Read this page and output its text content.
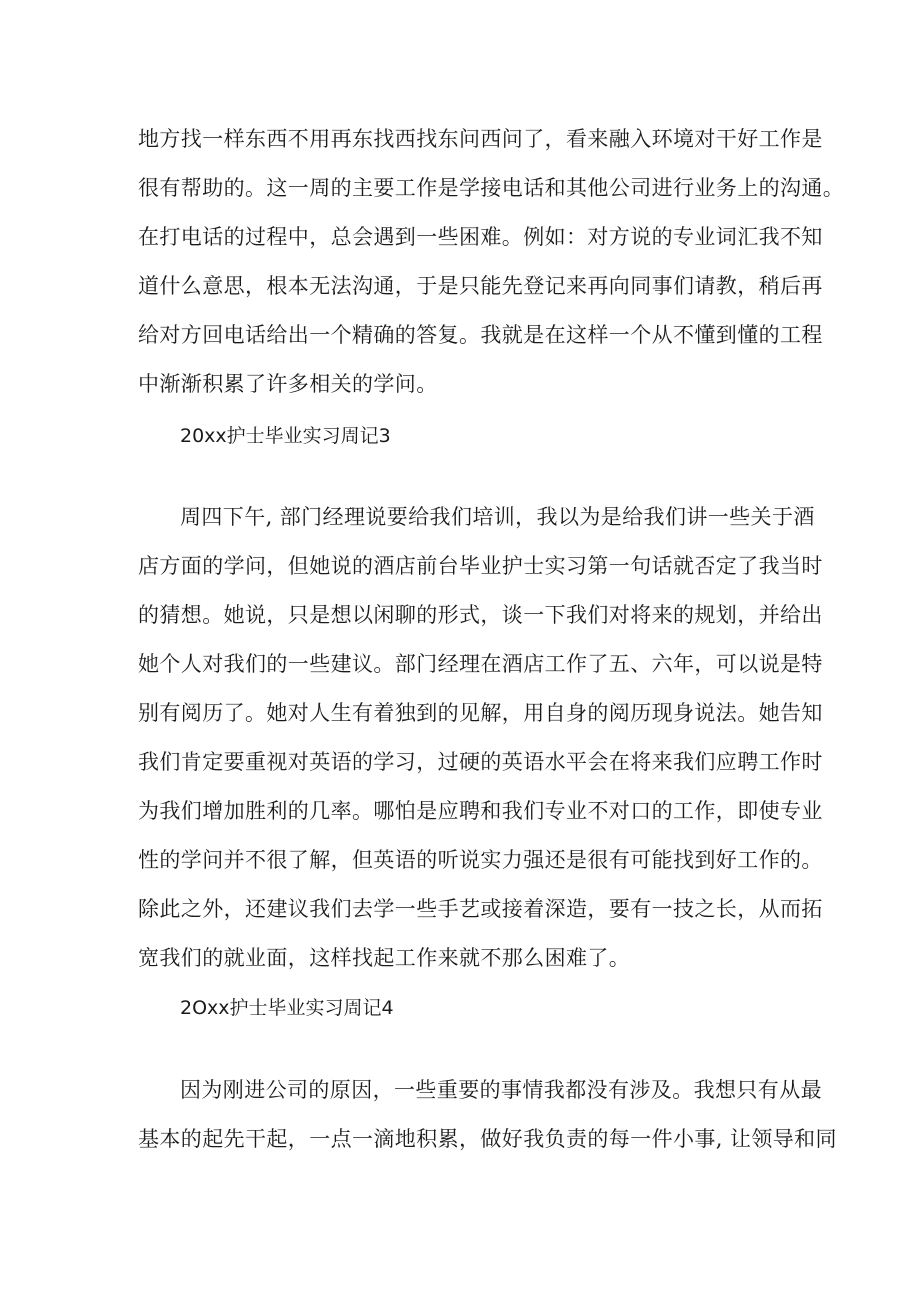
地方找一样东西不用再东找西找东问西问了，看来融入环境对干好工作是
很有帮助的。这一周的主要工作是学接电话和其他公司进行业务上的沟通。
在打电话的过程中，总会遇到一些困难。例如：对方说的专业词汇我不知
道什么意思，根本无法沟通，于是只能先登记来再向同事们请教，稍后再
给对方回电话给出一个精确的答复。我就是在这样一个从不懂到懂的工程
中渐渐积累了许多相关的学问。
20xx护士毕业实习周记3
周四下午, 部门经理说要给我们培训，我以为是给我们讲一些关于酒
店方面的学问，但她说的酒店前台毕业护士实习第一句话就否定了我当时
的猜想。她说，只是想以闲聊的形式，谈一下我们对将来的规划，并给出
她个人对我们的一些建议。部门经理在酒店工作了五、六年，可以说是特
别有阅历了。她对人生有着独到的见解，用自身的阅历现身说法。她告知
我们肯定要重视对英语的学习，过硬的英语水平会在将来我们应聘工作时
为我们增加胜利的几率。哪怕是应聘和我们专业不对口的工作，即使专业
性的学问并不很了解，但英语的听说实力强还是很有可能找到好工作的。
除此之外，还建议我们去学一些手艺或接着深造，要有一技之长，从而拓
宽我们的就业面，这样找起工作来就不那么困难了。
2Oxx护士毕业实习周记4
因为刚进公司的原因，一些重要的事情我都没有涉及。我想只有从最
基本的起先干起，一点一滴地积累，做好我负责的每一件小事, 让领导和同
